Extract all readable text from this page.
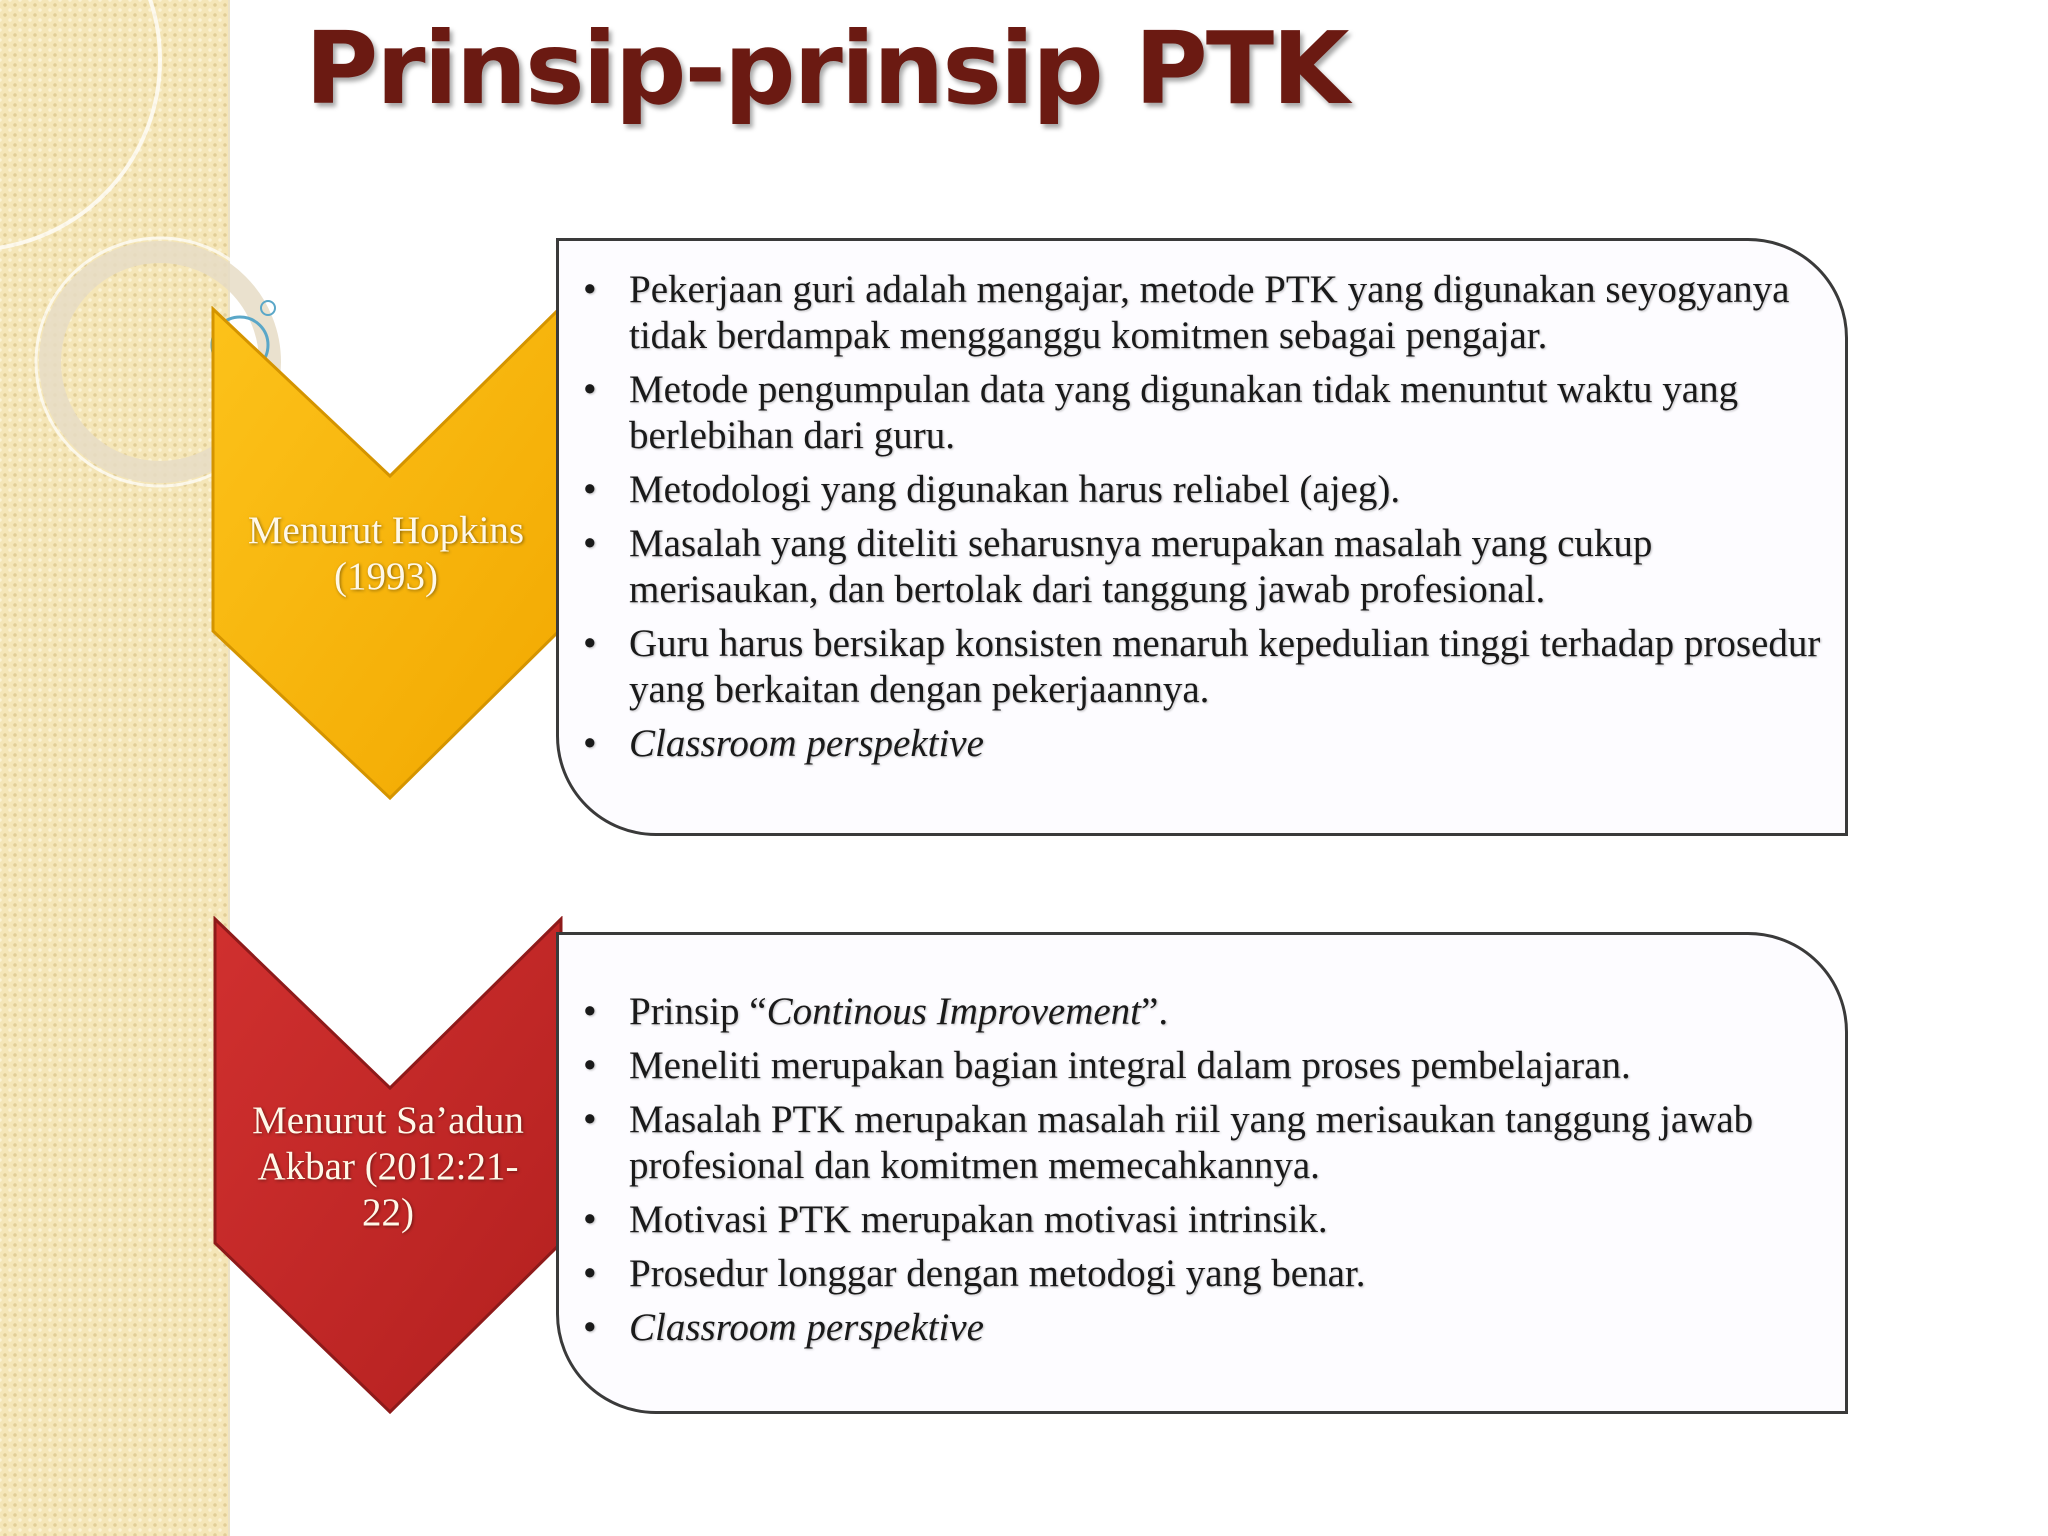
Prinsip-prinsip PTK
Menurut Hopkins
(1993)
• Pekerjaan guri adalah mengajar, metode PTK yang digunakan seyogyanya tidak berdampak mengganggu komitmen sebagai pengajar.
• Metode pengumpulan data yang digunakan tidak menuntut waktu yang berlebihan dari guru.
• Metodologi yang digunakan harus reliabel (ajeg).
• Masalah yang diteliti seharusnya merupakan masalah yang cukup merisaukan, dan bertolak dari tanggung jawab profesional.
• Guru harus bersikap konsisten menaruh kepedulian tinggi terhadap prosedur yang berkaitan dengan pekerjaannya.
• Classroom perspektive
Menurut Sa’adun
Akbar (2012:21-
22)
• Prinsip “Continous Improvement”.
• Meneliti merupakan bagian integral dalam proses pembelajaran.
• Masalah PTK merupakan masalah riil yang merisaukan tanggung jawab profesional dan komitmen memecahkannya.
• Motivasi PTK merupakan motivasi intrinsik.
• Prosedur longgar dengan metodogi yang benar.
• Classroom perspektive
